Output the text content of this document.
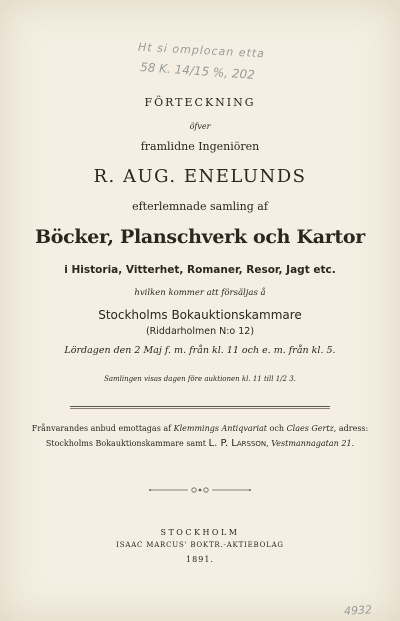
Ht si omplocan etta
58 K. 14/15 %, 202
FÖRTECKNING
öfver
framlidne Ingeniören
R. AUG. ENELUNDS
efterlemnade samling af
Böcker, Planschverk och Kartor
i Historia, Vitterhet, Romaner, Resor, Jagt etc.
hvilken kommer att försäljas å
Stockholms Bokauktionskammare
(Riddarholmen N:o 12)
Lördagen den 2 Maj f. m. från kl. 11 och e. m. från kl. 5.
Samlingen visas dagen före auktionen kl. 11 till 1/2 3.
Frånvarandes anbud emottagas af Klemmings Antiqvariat och Claes Gertz, adress:
Stockholms Bokauktionskammare samt L. P. Larsson, Vestmannagatan 21.
STOCKHOLM
ISAAC MARCUS' BOKTR.-AKTIEBOLAG
1891.
4932
